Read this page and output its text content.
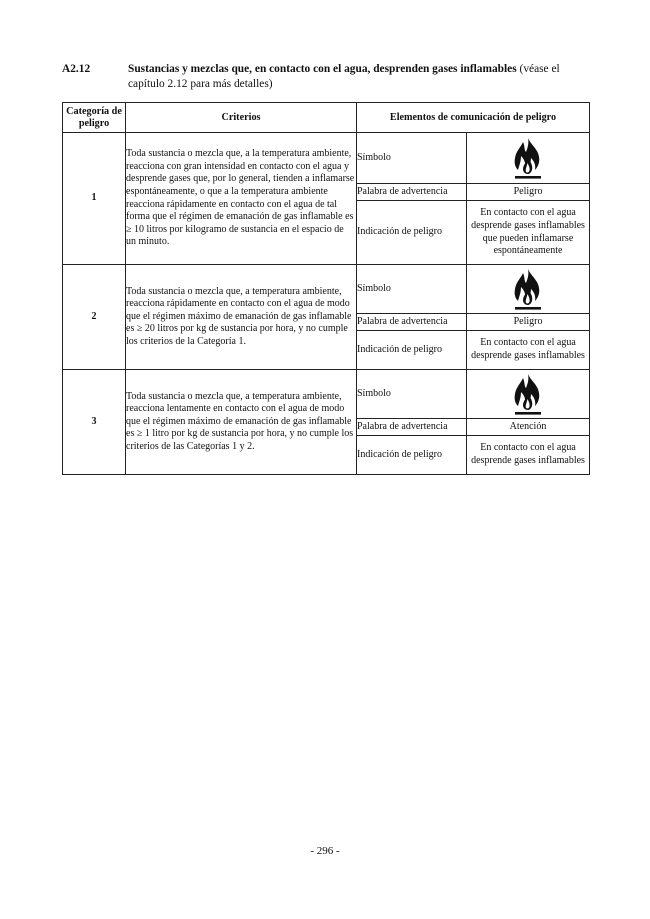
A2.12	Sustancias y mezclas que, en contacto con el agua, desprenden gases inflamables (véase el capítulo 2.12 para más detalles)
Categoría de peligro	Criterios	Elementos de comunicación de peligro	
1	Toda sustancia o mezcla que, a la temperatura ambiente, reacciona con gran intensidad en contacto con el agua y desprende gases que, por lo general, tienden a inflamarse espontáneamente, o que a la temperatura ambiente reacciona rápidamente en contacto con el agua de tal forma que el régimen de emanación de gas inflamable es ≥ 10 litros por kilogramo de sustancia en el espacio de un minuto.	Símbolo	
		Palabra de advertencia	Peligro
		Indicación de peligro	En contacto con el agua desprende gases inflamables que pueden inflamarse espontáneamente
2	Toda sustancia o mezcla que, a temperatura ambiente, reacciona rápidamente en contacto con el agua de modo que el régimen máximo de emanación de gas inflamable es ≥ 20 litros por kg de sustancia por hora, y no cumple los criterios de la Categoría 1.	Símbolo	
		Palabra de advertencia	Peligro
		Indicación de peligro	En contacto con el agua desprende gases inflamables
3	Toda sustancia o mezcla que, a temperatura ambiente, reacciona lentamente en contacto con el agua de modo que el régimen máximo de emanación de gas inflamable es ≥ 1 litro por kg de sustancia por hora, y no cumple los criterios de las Categorías 1 y 2.	Símbolo	
		Palabra de advertencia	Atención
		Indicación de peligro	En contacto con el agua desprende gases inflamables
- 296 -
